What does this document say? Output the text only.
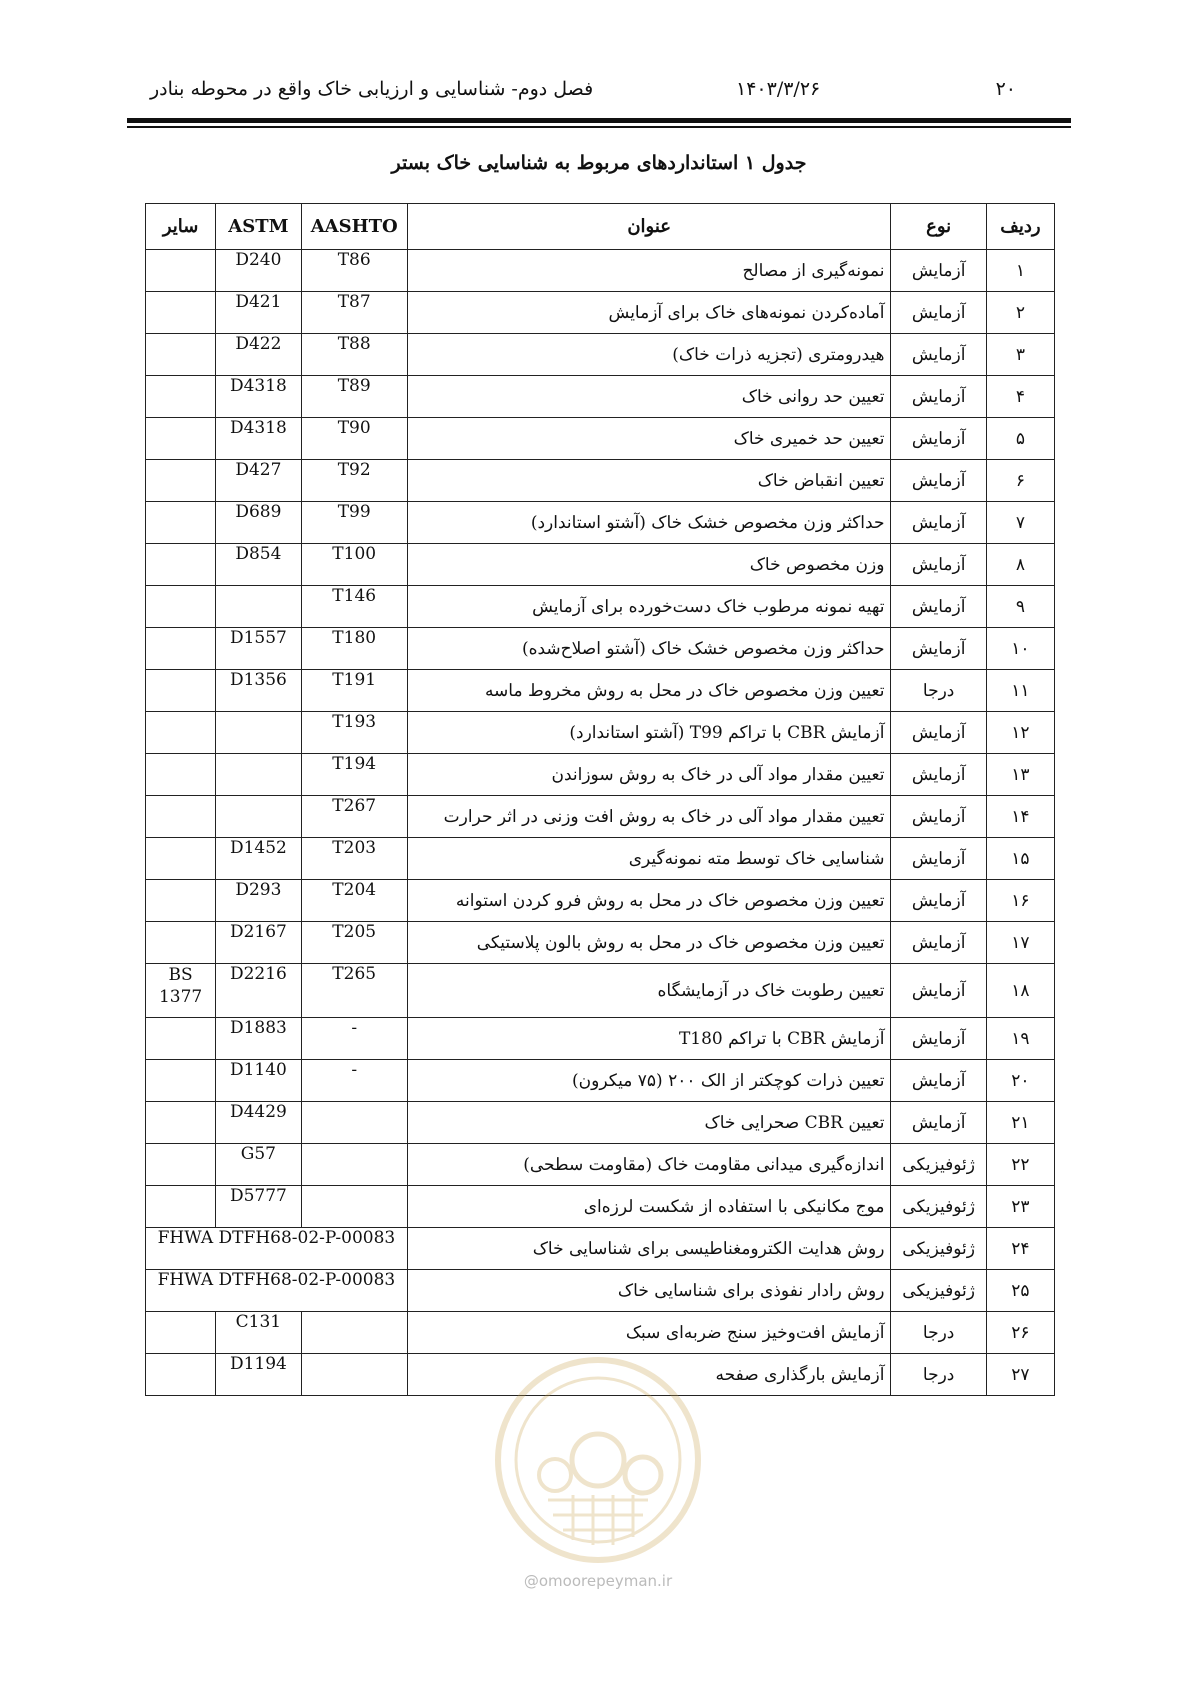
فصل دوم- شناسایی و ارزیابی خاک واقع در محوطه بنادر	۱۴۰۳/۳/۲۶	۲۰
جدول ۱ استانداردهای مربوط به شناسایی خاک بستر
ردیف	نوع	عنوان	AASHTO	ASTM	سایر
۱	آزمایش	نمونه‌گیری از مصالح	T86	D240	
۲	آزمایش	آماده‌کردن نمونه‌های خاک برای آزمایش	T87	D421	
۳	آزمایش	هیدرومتری (تجزیه ذرات خاک)	T88	D422	
۴	آزمایش	تعیین حد روانی خاک	T89	D4318	
۵	آزمایش	تعیین حد خمیری خاک	T90	D4318	
۶	آزمایش	تعیین انقباض خاک	T92	D427	
۷	آزمایش	حداکثر وزن مخصوص خشک خاک (آشتو استاندارد)	T99	D689	
۸	آزمایش	وزن مخصوص خاک	T100	D854	
۹	آزمایش	تهیه نمونه مرطوب خاک دست‌خورده برای آزمایش	T146		
۱۰	آزمایش	حداکثر وزن مخصوص خشک خاک (آشتو اصلاح‌شده)	T180	D1557	
۱۱	درجا	تعیین وزن مخصوص خاک در محل به روش مخروط ماسه	T191	D1356	
۱۲	آزمایش	آزمایش CBR با تراکم T99 (آشتو استاندارد)	T193		
۱۳	آزمایش	تعیین مقدار مواد آلی در خاک به روش سوزاندن	T194		
۱۴	آزمایش	تعیین مقدار مواد آلی در خاک به روش افت وزنی در اثر حرارت	T267		
۱۵	آزمایش	شناسایی خاک توسط مته نمونه‌گیری	T203	D1452	
۱۶	آزمایش	تعیین وزن مخصوص خاک در محل به روش فرو کردن استوانه	T204	D293	
۱۷	آزمایش	تعیین وزن مخصوص خاک در محل به روش بالون پلاستیکی	T205	D2167	
۱۸	آزمایش	تعیین رطوبت خاک در آزمایشگاه	T265	D2216	BS 1377
۱۹	آزمایش	آزمایش CBR با تراکم T180	-	D1883	
۲۰	آزمایش	تعیین ذرات کوچکتر از الک ۲۰۰ (۷۵ میکرون)	-	D1140	
۲۱	آزمایش	تعیین CBR صحرایی خاک		D4429	
۲۲	ژئوفیزیکی	اندازه‌گیری میدانی مقاومت خاک (مقاومت سطحی)		G57	
۲۳	ژئوفیزیکی	موج مکانیکی با استفاده از شکست لرزه‌ای		D5777	
۲۴	ژئوفیزیکی	روش هدایت الکترومغناطیسی برای شناسایی خاک	FHWA DTFH68-02-P-00083		
۲۵	ژئوفیزیکی	روش رادار نفوذی برای شناسایی خاک	FHWA DTFH68-02-P-00083		
۲۶	درجا	آزمایش افت‌وخیز سنج ضربه‌ای سبک		C131	
۲۷	درجا	آزمایش بارگذاری صفحه		D1194	
@omoorepeyman.ir
